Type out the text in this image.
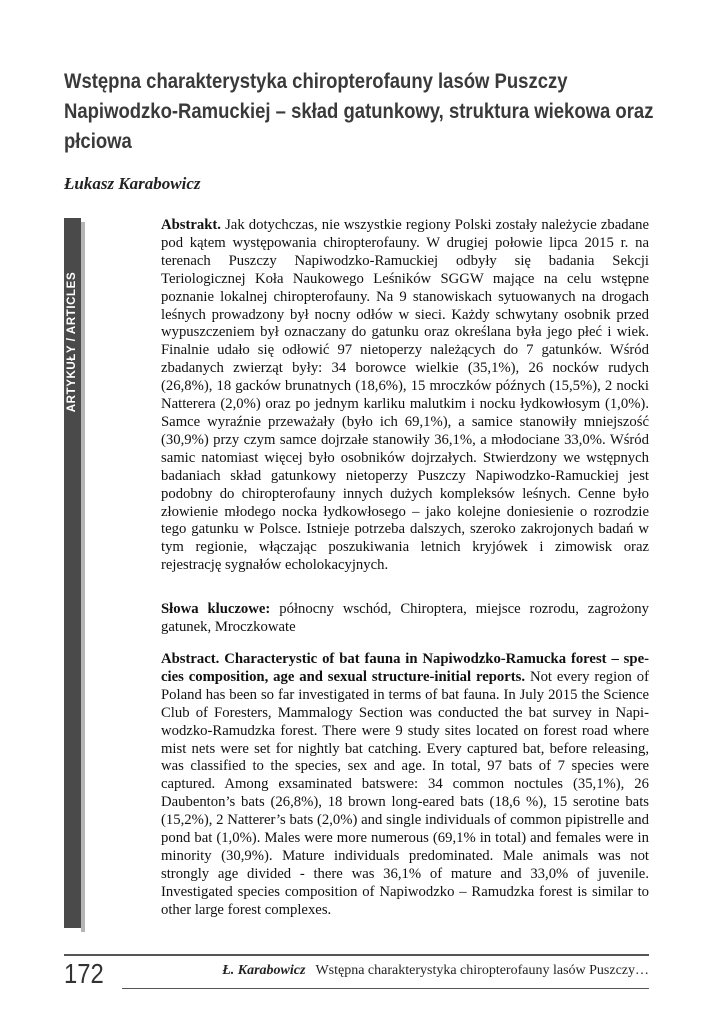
Wstępna charakterystyka chiropterofauny lasów Puszczy Napiwodzko-Ramuckiej – skład gatunkowy, struktura wiekowa oraz płciowa

Łukasz Karabowicz

ARTYKUŁY / ARTICLES

Abstrakt. Jak dotychczas, nie wszystkie regiony Polski zostały należycie zbadane pod kątem występowania chiropterofauny. W drugiej połowie lipca 2015 r. na terenach Puszczy Napiwodzko-Ramuckiej odbyły się badania Sekcji Teriologicznej Koła Naukowego Leśników SGGW mające na celu wstępne poznanie lokalnej chiropterofauny. Na 9 stanowiskach sytuowanych na drogach leśnych prowadzony był nocny odłów w sieci. Każdy schwytany osobnik przed wypuszczeniem był oznaczany do gatunku oraz określana była jego płeć i wiek. Finalnie udało się odłowić 97 nietoperzy należących do 7 gatunków. Wśród zbadanych zwierząt były: 34 borowce wielkie (35,1%), 26 nocków rudych (26,8%), 18 gacków brunatnych (18,6%), 15 mroczków późnych (15,5%), 2 nocki Natterera (2,0%) oraz po jednym karliku malutkim i nocku łydkowłosym (1,0%). Samce wyraźnie przeważały (było ich 69,1%), a samice stanowiły mniejszość (30,9%) przy czym samce dojrzałe stanowiły 36,1%, a młodociane 33,0%. Wśród samic natomiast więcej było osobników dojrzałych. Stwierdzony we wstępnych badaniach skład gatunkowy nietoperzy Puszczy Napiwodzko-Ramuckiej jest podobny do chiropterofauny innych dużych kompleksów leśnych. Cenne było złowienie młodego nocka łydkowłosego – jako kolejne doniesienie o rozrodzie tego gatunku w Polsce. Istnieje potrzeba dalszych, szeroko zakrojonych badań w tym regionie, włączając poszukiwania letnich kryjówek i zimowisk oraz rejestrację sygnałów echolokacyjnych.

Słowa kluczowe: północny wschód, Chiroptera, miejsce rozrodu, zagrożony gatunek, Mroczkowate

Abstract. Characterystic of bat fauna in Napiwodzko-Ramucka forest – species composition, age and sexual structure-initial reports. Not every region of Poland has been so far investigated in terms of bat fauna. In July 2015 the Science Club of Foresters, Mammalogy Section was conducted the bat survey in Napiwodzko-Ramudzka forest. There were 9 study sites located on forest road where mist nets were set for nightly bat catching. Every captured bat, before releasing, was classified to the species, sex and age. In total, 97 bats of 7 species were captured. Among exsaminated batswere: 34 common noctules (35,1%), 26 Daubenton’s bats (26,8%), 18 brown long-eared bats (18,6 %), 15 serotine bats (15,2%), 2 Natterer’s bats (2,0%) and single individuals of common pipistrelle and pond bat (1,0%). Males were more numerous (69,1% in total) and females were in minority (30,9%). Mature individuals predominated. Male animals was not strongly age divided - there was 36,1% of mature and 33,0% of juvenile. Investigated species composition of Napiwodzko – Ramudzka forest is similar to other large forest complexes.

172	Ł. Karabowicz Wstępna charakterystyka chiropterofauny lasów Puszczy…
